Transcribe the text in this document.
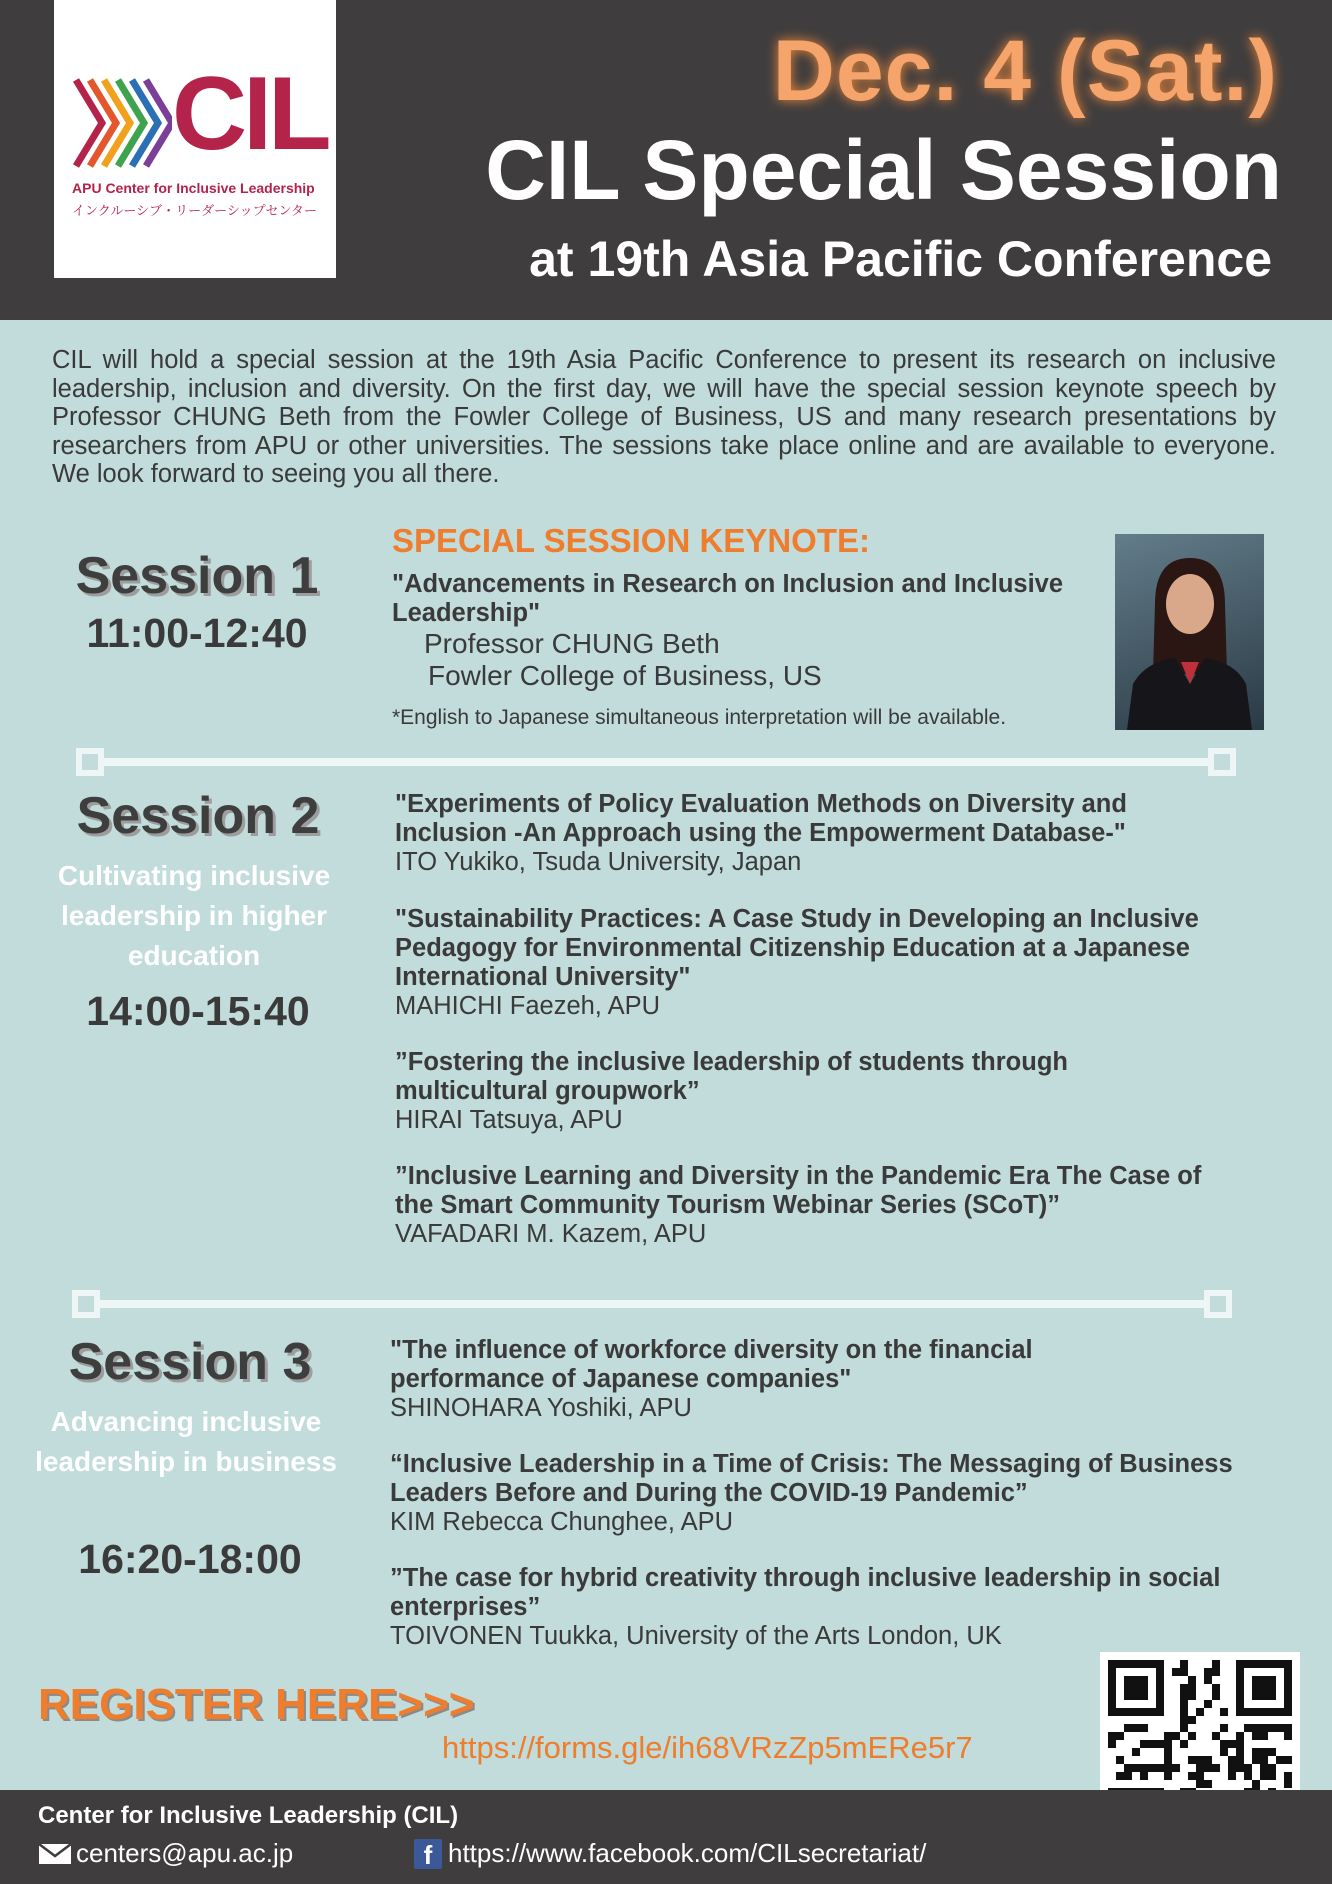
CIL
APU Center for Inclusive Leadership
インクルーシブ・リーダーシップセンター
Dec. 4 (Sat.)
CIL Special Session
at 19th Asia Pacific Conference

CIL will hold a special session at the 19th Asia Pacific Conference to present its research on inclusive leadership, inclusion and diversity. On the first day, we will have the special session keynote speech by Professor CHUNG Beth from the Fowler College of Business, US and many research presentations by researchers from APU or other universities. The sessions take place online and are available to everyone. We look forward to seeing you all there.

Session 1
11:00-12:40
SPECIAL SESSION KEYNOTE:
"Advancements in Research on Inclusion and Inclusive Leadership"
Professor CHUNG Beth
Fowler College of Business, US
*English to Japanese simultaneous interpretation will be available.
Session 2
Cultivating inclusive leadership in higher education
14:00-15:40
"Experiments of Policy Evaluation Methods on Diversity and Inclusion -An Approach using the Empowerment Database-"
ITO Yukiko, Tsuda University, Japan
"Sustainability Practices: A Case Study in Developing an Inclusive Pedagogy for Environmental Citizenship Education at a Japanese International University"
MAHICHI Faezeh, APU
”Fostering the inclusive leadership of students through multicultural groupwork”
HIRAI Tatsuya, APU
”Inclusive Learning and Diversity in the Pandemic Era The Case of the Smart Community Tourism Webinar Series (SCoT)”
VAFADARI M. Kazem, APU
Session 3
Advancing inclusive leadership in business
16:20-18:00
"The influence of workforce diversity on the financial performance of Japanese companies"
SHINOHARA Yoshiki, APU
“Inclusive Leadership in a Time of Crisis: The Messaging of Business Leaders Before and During the COVID-19 Pandemic”
KIM Rebecca Chunghee, APU
”The case for hybrid creativity through inclusive leadership in social enterprises”
TOIVONEN Tuukka, University of the Arts London, UK
REGISTER HERE>>>
https://forms.gle/ih68VRzZp5mERe5r7
Center for Inclusive Leadership (CIL)
centers@apu.ac.jp	f https://www.facebook.com/CILsecretariat/
